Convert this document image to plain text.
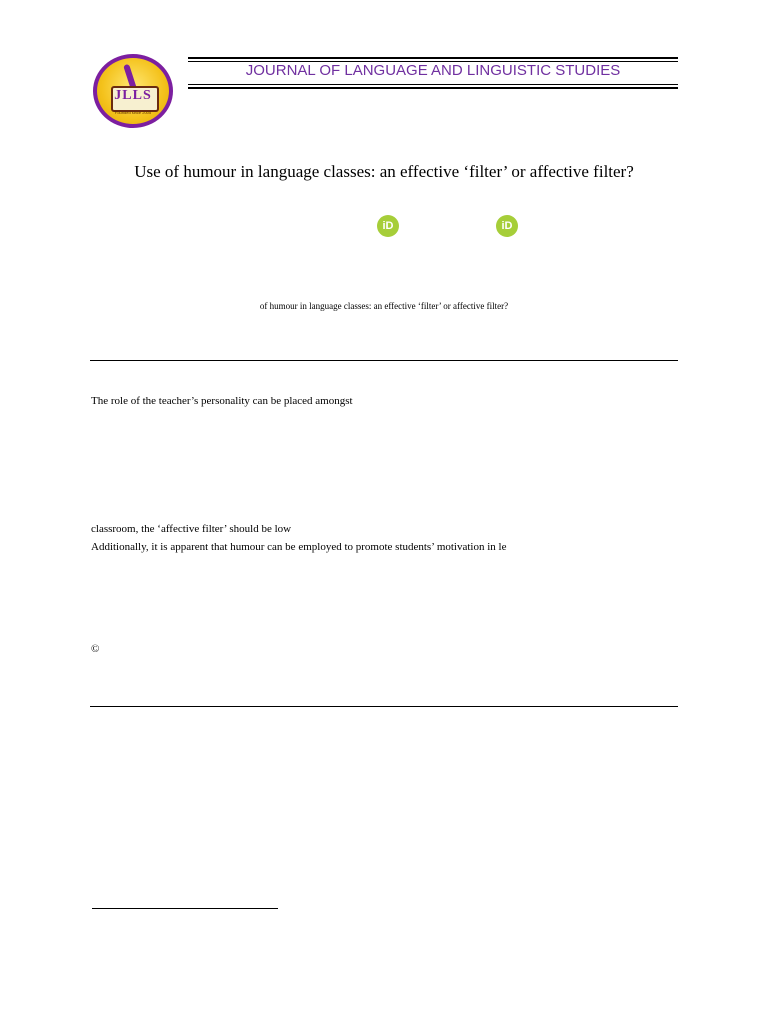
JLLS
Founded since 2005
JOURNAL OF LANGUAGE AND LINGUISTIC STUDIES
Use of humour in language classes: an effective ‘filter’ or affective filter?
iD	iD
of humour in language classes: an effective ‘filter’ or affective filter?
The role of the teacher’s personality can be placed amongst
classroom, the ‘affective filter’ should be low
Additionally, it is apparent that humour can be employed to promote students’ motivation in le
©
